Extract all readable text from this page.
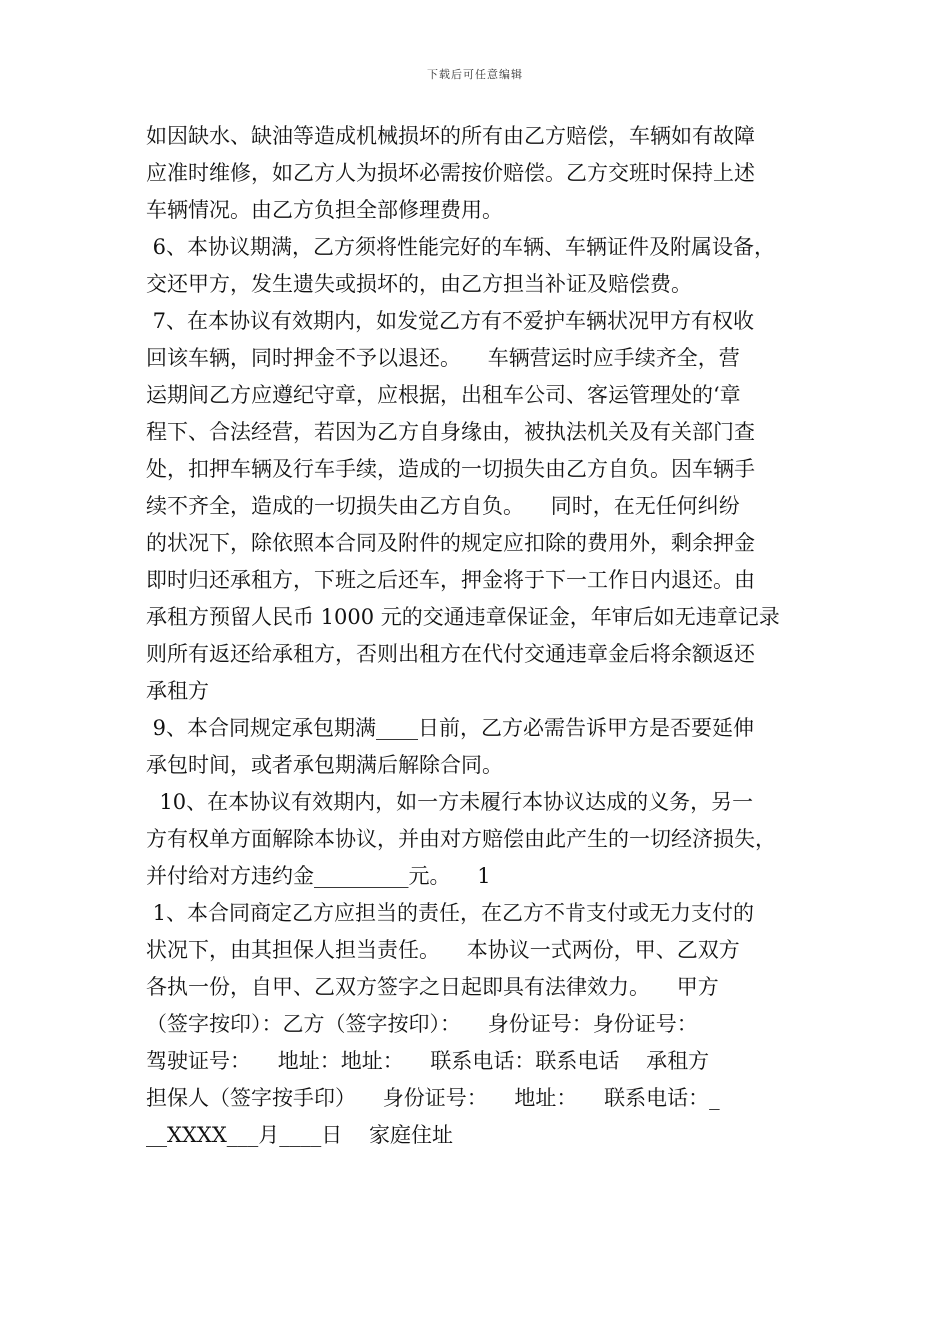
下载后可任意编辑
如因缺水、缺油等造成机械损坏的所有由乙方赔偿，车辆如有故障
应准时维修，如乙方人为损坏必需按价赔偿。乙方交班时保持上述
车辆情况。由乙方负担全部修理费用。
6、本协议期满，乙方须将性能完好的车辆、车辆证件及附属设备，
交还甲方，发生遗失或损坏的，由乙方担当补证及赔偿费。
7、在本协议有效期内，如发觉乙方有不爱护车辆状况甲方有权收
回该车辆，同时押金不予以退还。    车辆营运时应手续齐全，营
运期间乙方应遵纪守章，应根据，出租车公司、客运管理处的‘章
程下、合法经营，若因为乙方自身缘由，被执法机关及有关部门查
处，扣押车辆及行车手续，造成的一切损失由乙方自负。因车辆手
续不齐全，造成的一切损失由乙方自负。    同时，在无任何纠纷
的状况下，除依照本合同及附件的规定应扣除的费用外，剩余押金
即时归还承租方，下班之后还车，押金将于下一工作日内退还。由
承租方预留人民币 1000 元的交通违章保证金，年审后如无违章记录
则所有返还给承租方，否则出租方在代付交通违章金后将余额返还
承租方
9、本合同规定承包期满____日前，乙方必需告诉甲方是否要延伸
承包时间，或者承包期满后解除合同。
10、在本协议有效期内，如一方未履行本协议达成的义务，另一
方有权单方面解除本协议，并由对方赔偿由此产生的一切经济损失，
并付给对方违约金_________元。    1
1、本合同商定乙方应担当的责任，在乙方不肯支付或无力支付的
状况下，由其担保人担当责任。    本协议一式两份，甲、乙双方
各执一份，自甲、乙双方签字之日起即具有法律效力。    甲方
（签字按印）：乙方（签字按印）：    身份证号：身份证号：
驾驶证号：    地址：地址：    联系电话：联系电话    承租方
担保人（签字按手印）    身份证号：    地址：    联系电话：_
__XXXX___月____日    家庭住址
